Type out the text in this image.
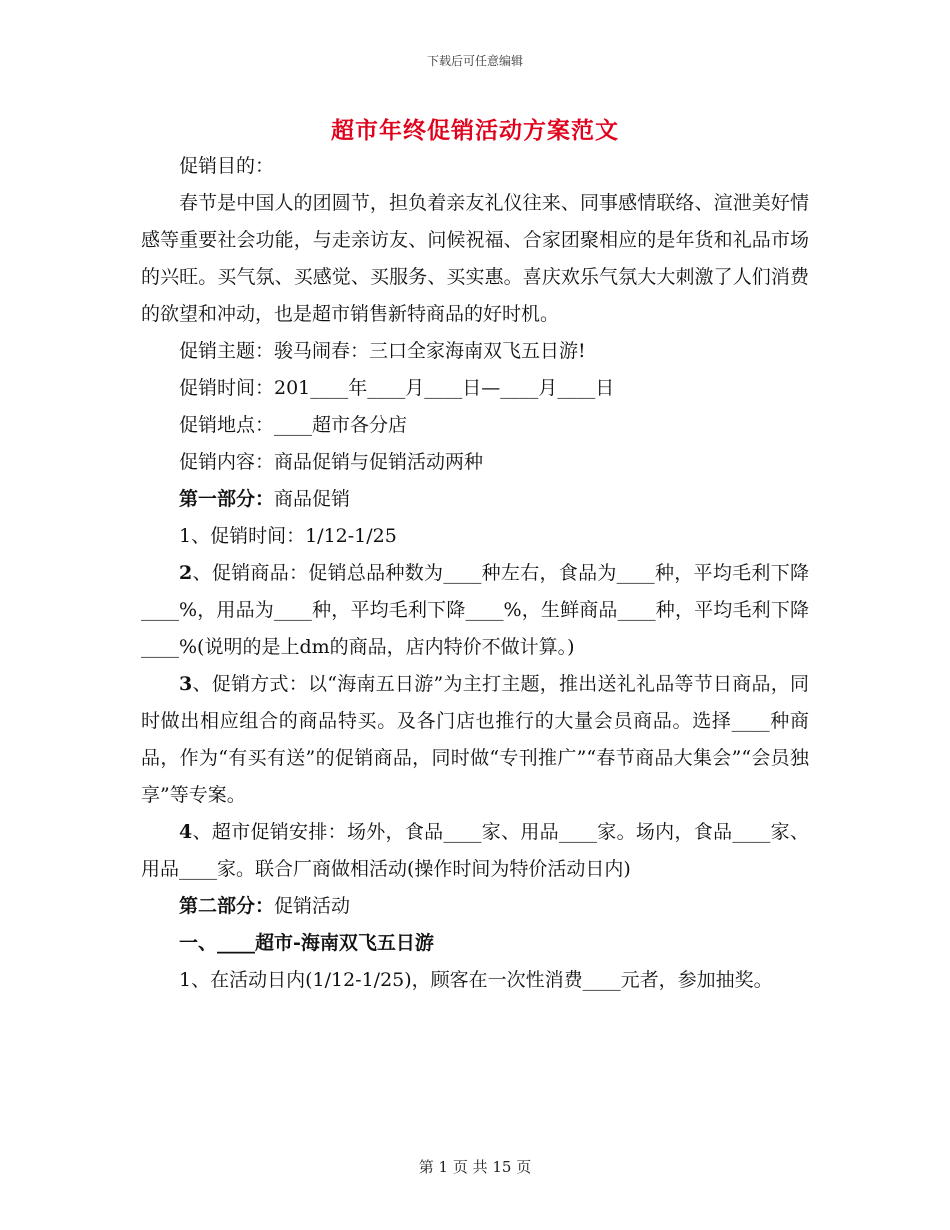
下载后可任意编辑
超市年终促销活动方案范文

促销目的：

春节是中国人的团圆节，担负着亲友礼仪往来、同事感情联络、渲泄美好情感等重要社会功能，与走亲访友、问候祝福、合家团聚相应的是年货和礼品市场的兴旺。买气氛、买感觉、买服务、买实惠。喜庆欢乐气氛大大刺激了人们消费的欲望和冲动，也是超市销售新特商品的好时机。

促销主题：骏马闹春：三口全家海南双飞五日游!

促销时间：201____年____月____日—____月____日

促销地点：____超市各分店

促销内容：商品促销与促销活动两种

第一部分：商品促销

1、促销时间：1/12-1/25

2、促销商品：促销总品种数为____种左右，食品为____种，平均毛利下降____%，用品为____种，平均毛利下降____%，生鲜商品____种，平均毛利下降____%(说明的是上dm的商品，店内特价不做计算。)

3、促销方式：以“海南五日游”为主打主题，推出送礼礼品等节日商品，同时做出相应组合的商品特买。及各门店也推行的大量会员商品。选择____种商品，作为“有买有送”的促销商品，同时做“专刊推广”“春节商品大集会”“会员独享”等专案。

4、超市促销安排：场外，食品____家、用品____家。场内，食品____家、用品____家。联合厂商做相活动(操作时间为特价活动日内)

第二部分：促销活动

一、____超市-海南双飞五日游

1、在活动日内(1/12-1/25)，顾客在一次性消费____元者，参加抽奖。

第 1 页 共 15 页
